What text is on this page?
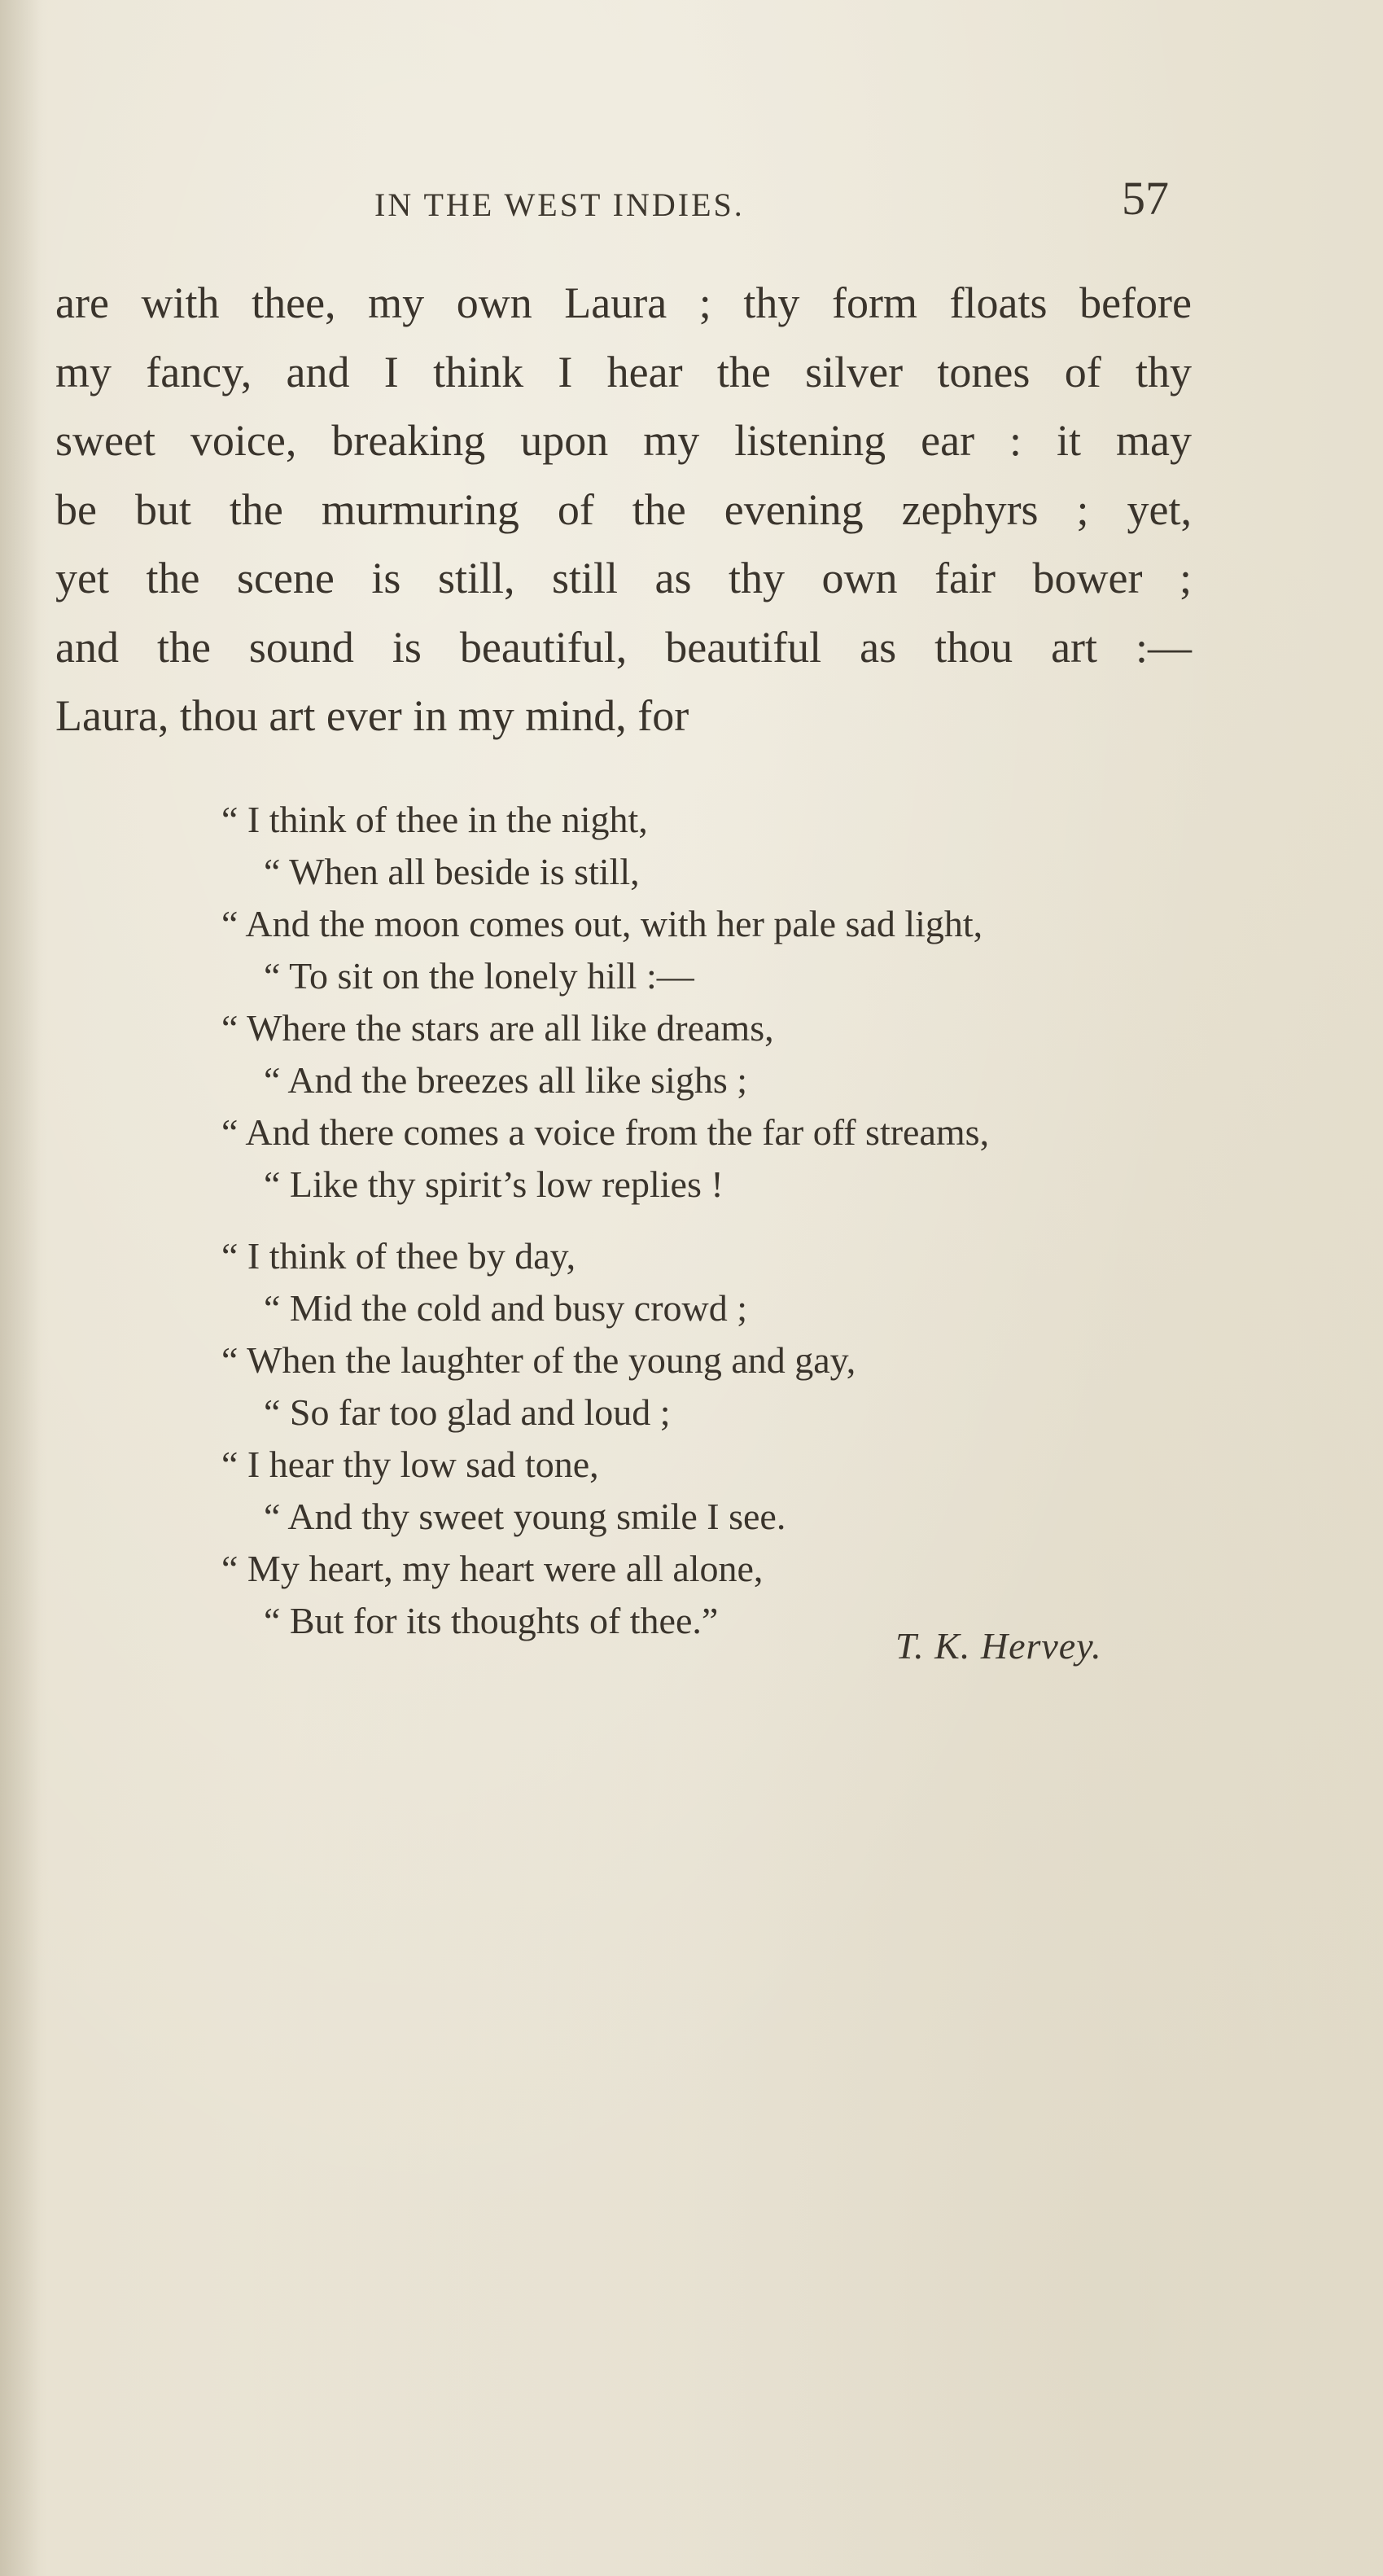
IN THE WEST INDIES.	57
are with thee, my own Laura ; thy form floats before
my fancy, and I think I hear the silver tones of thy
sweet voice, breaking upon my listening ear : it may
be but the murmuring of the evening zephyrs ; yet,
yet the scene is still, still as thy own fair bower ;
and the sound is beautiful, beautiful as thou art :—
Laura, thou art ever in my mind, for
“ I think of thee in the night,
“ When all beside is still,
“ And the moon comes out, with her pale sad light,
“ To sit on the lonely hill :—
“ Where the stars are all like dreams,
“ And the breezes all like sighs ;
“ And there comes a voice from the far off streams,
“ Like thy spirit’s low replies !
“ I think of thee by day,
“ Mid the cold and busy crowd ;
“ When the laughter of the young and gay,
“ So far too glad and loud ;
“ I hear thy low sad tone,
“ And thy sweet young smile I see.
“ My heart, my heart were all alone,
“ But for its thoughts of thee.”
T. K. Hervey.
